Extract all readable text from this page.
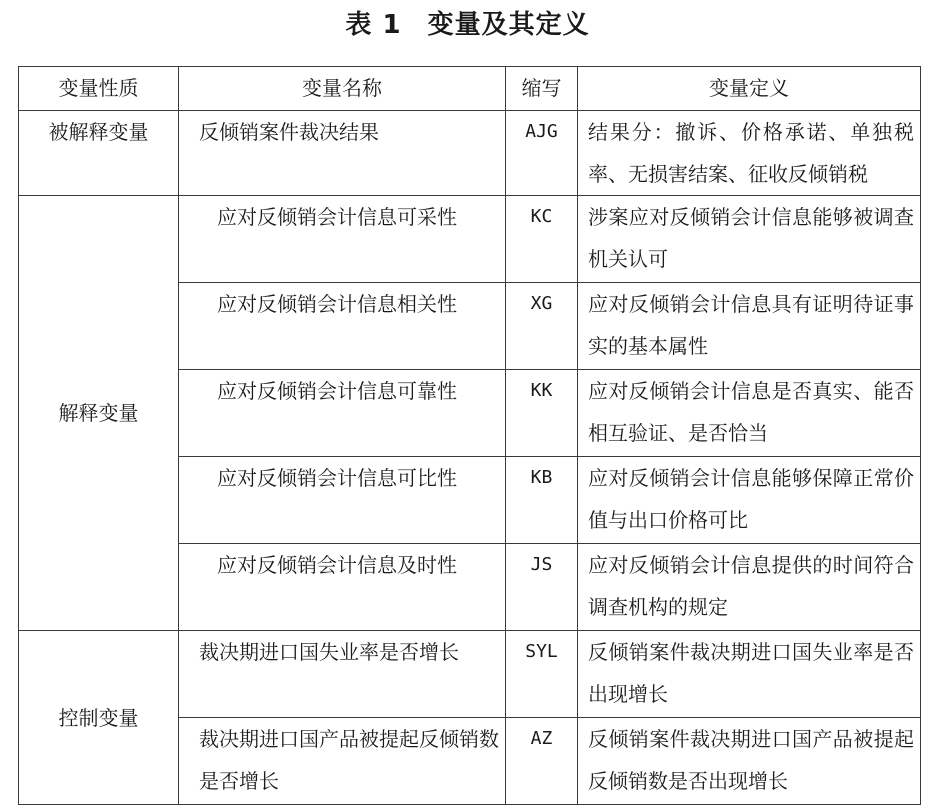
表 1 变量及其定义
变量性质	变量名称	缩写	变量定义
被解释变量	反倾销案件裁决结果	AJG	结果分：撤诉、价格承诺、单独税率、无损害结案、征收反倾销税
解释变量	应对反倾销会计信息可采性	KC	涉案应对反倾销会计信息能够被调查机关认可
	应对反倾销会计信息相关性	XG	应对反倾销会计信息具有证明待证事实的基本属性
	应对反倾销会计信息可靠性	KK	应对反倾销会计信息是否真实、能否相互验证、是否恰当
	应对反倾销会计信息可比性	KB	应对反倾销会计信息能够保障正常价值与出口价格可比
	应对反倾销会计信息及时性	JS	应对反倾销会计信息提供的时间符合调查机构的规定
控制变量	裁决期进口国失业率是否增长	SYL	反倾销案件裁决期进口国失业率是否出现增长
	裁决期进口国产品被提起反倾销数是否增长	AZ	反倾销案件裁决期进口国产品被提起反倾销数是否出现增长
